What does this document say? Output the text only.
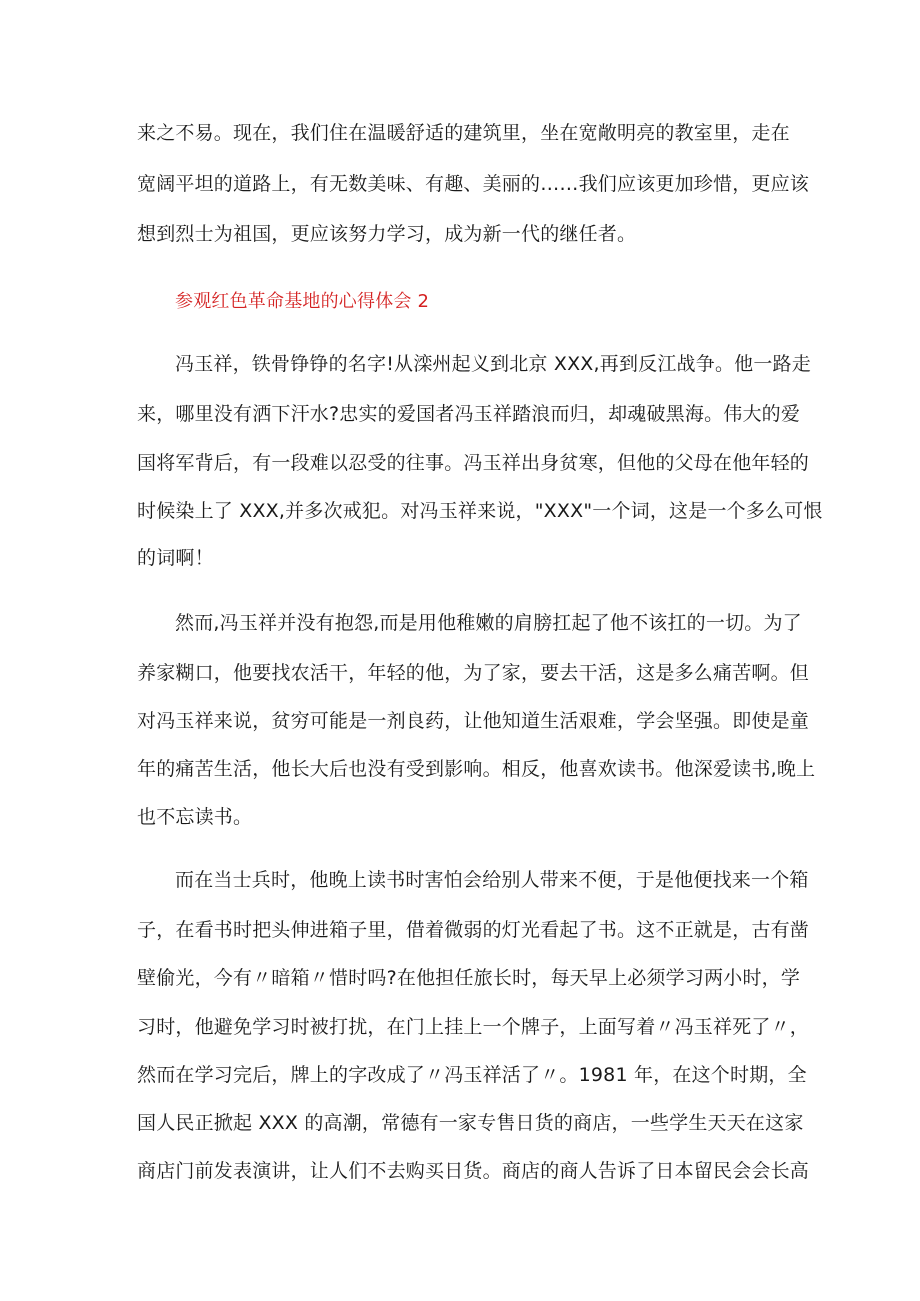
来之不易。现在，我们住在温暖舒适的建筑里，坐在宽敞明亮的教室里，走在
宽阔平坦的道路上，有无数美味、有趣、美丽的……我们应该更加珍惜，更应该
想到烈士为祖国，更应该努力学习，成为新一代的继任者。
参观红色革命基地的心得体会 2
冯玉祥，铁骨铮铮的名字!从滦州起义到北京 XXX,再到反江战争。他一路走
来，哪里没有洒下汗水?忠实的爱国者冯玉祥踏浪而归，却魂破黑海。伟大的爱
国将军背后，有一段难以忍受的往事。冯玉祥出身贫寒，但他的父母在他年轻的
时候染上了 XXX,并多次戒犯。对冯玉祥来说，"XXX"一个词，这是一个多么可恨
的词啊！
然而,冯玉祥并没有抱怨,而是用他稚嫩的肩膀扛起了他不该扛的一切。为了
养家糊口，他要找农活干，年轻的他，为了家，要去干活，这是多么痛苦啊。但
对冯玉祥来说，贫穷可能是一剂良药，让他知道生活艰难，学会坚强。即使是童
年的痛苦生活，他长大后也没有受到影响。相反，他喜欢读书。他深爱读书,晚上
也不忘读书。
而在当士兵时，他晚上读书时害怕会给别人带来不便，于是他便找来一个箱
子，在看书时把头伸进箱子里，借着微弱的灯光看起了书。这不正就是，古有凿
壁偷光，今有〃暗箱〃惜时吗?在他担任旅长时，每天早上必须学习两小时，学
习时，他避免学习时被打扰，在门上挂上一个牌子，上面写着〃冯玉祥死了〃，
然而在学习完后，牌上的字改成了〃冯玉祥活了〃。1981 年，在这个时期，全
国人民正掀起 XXX 的高潮，常德有一家专售日货的商店，一些学生天天在这家
商店门前发表演讲，让人们不去购买日货。商店的商人告诉了日本留民会会长高
